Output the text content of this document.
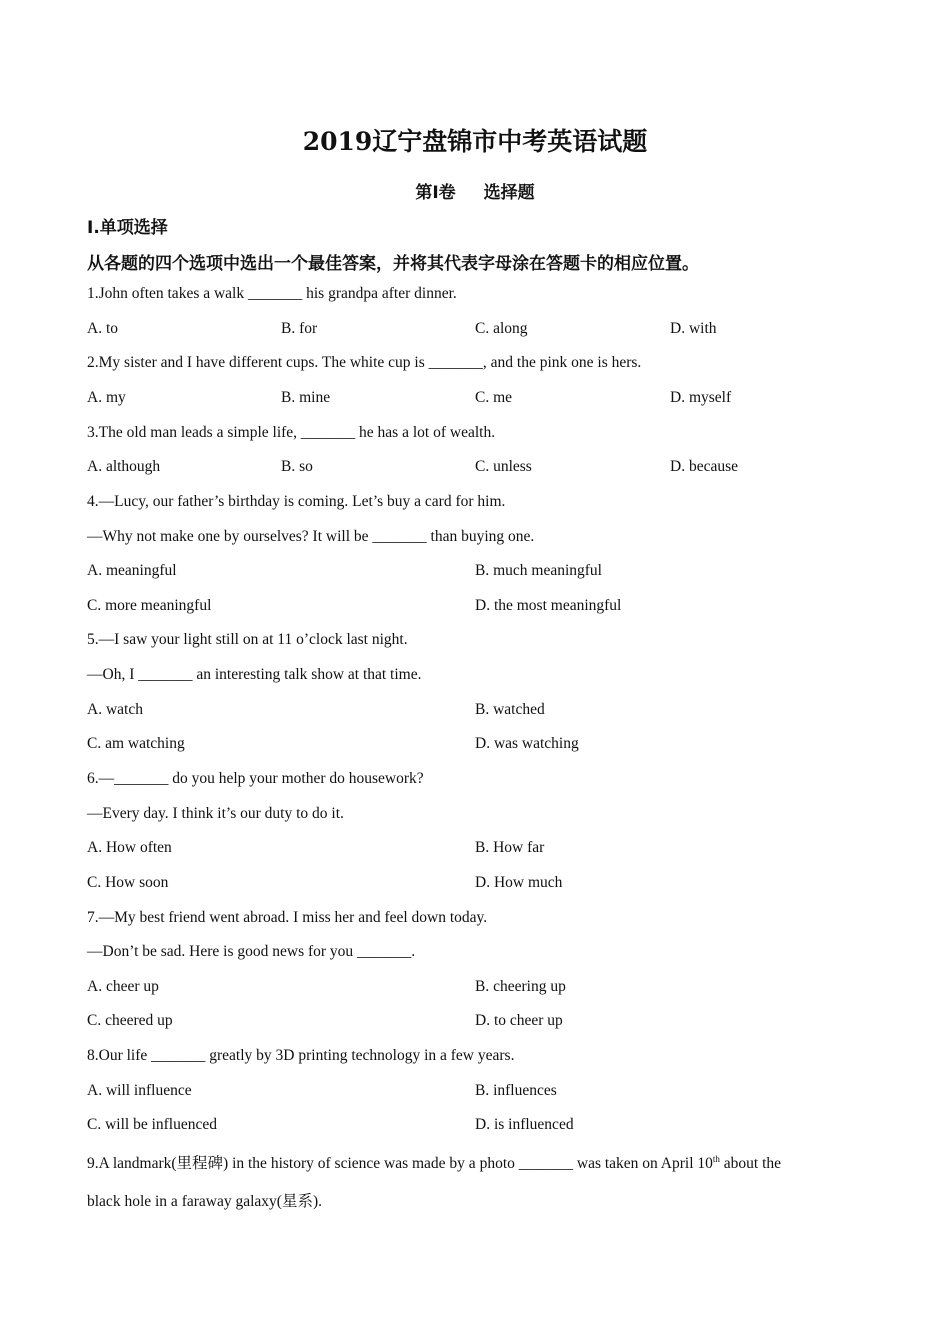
2019辽宁盘锦市中考英语试题
第Ⅰ卷 选择题
Ⅰ.单项选择
从各题的四个选项中选出一个最佳答案，并将其代表字母涂在答题卡的相应位置。
1.John often takes a walk _______ his grandpa after dinner.
A. to	B. for	C. along	D. with
2.My sister and I have different cups. The white cup is _______, and the pink one is hers.
A. my	B. mine	C. me	D. myself
3.The old man leads a simple life, _______ he has a lot of wealth.
A. although	B. so	C. unless	D. because
4.—Lucy, our father’s birthday is coming. Let’s buy a card for him.
—Why not make one by ourselves? It will be _______ than buying one.
A. meaningful	B. much meaningful
C. more meaningful	D. the most meaningful
5.—I saw your light still on at 11 o’clock last night.
—Oh, I _______ an interesting talk show at that time.
A. watch	B. watched
C. am watching	D. was watching
6.—_______ do you help your mother do housework?
—Every day. I think it’s our duty to do it.
A. How often	B. How far
C. How soon	D. How much
7.—My best friend went abroad. I miss her and feel down today.
—Don’t be sad. Here is good news for you _______.
A. cheer up	B. cheering up
C. cheered up	D. to cheer up
8.Our life _______ greatly by 3D printing technology in a few years.
A. will influence	B. influences
C. will be influenced	D. is influenced
9.A landmark(里程碑) in the history of science was made by a photo _______ was taken on April 10th about the
black hole in a faraway galaxy(星系).
